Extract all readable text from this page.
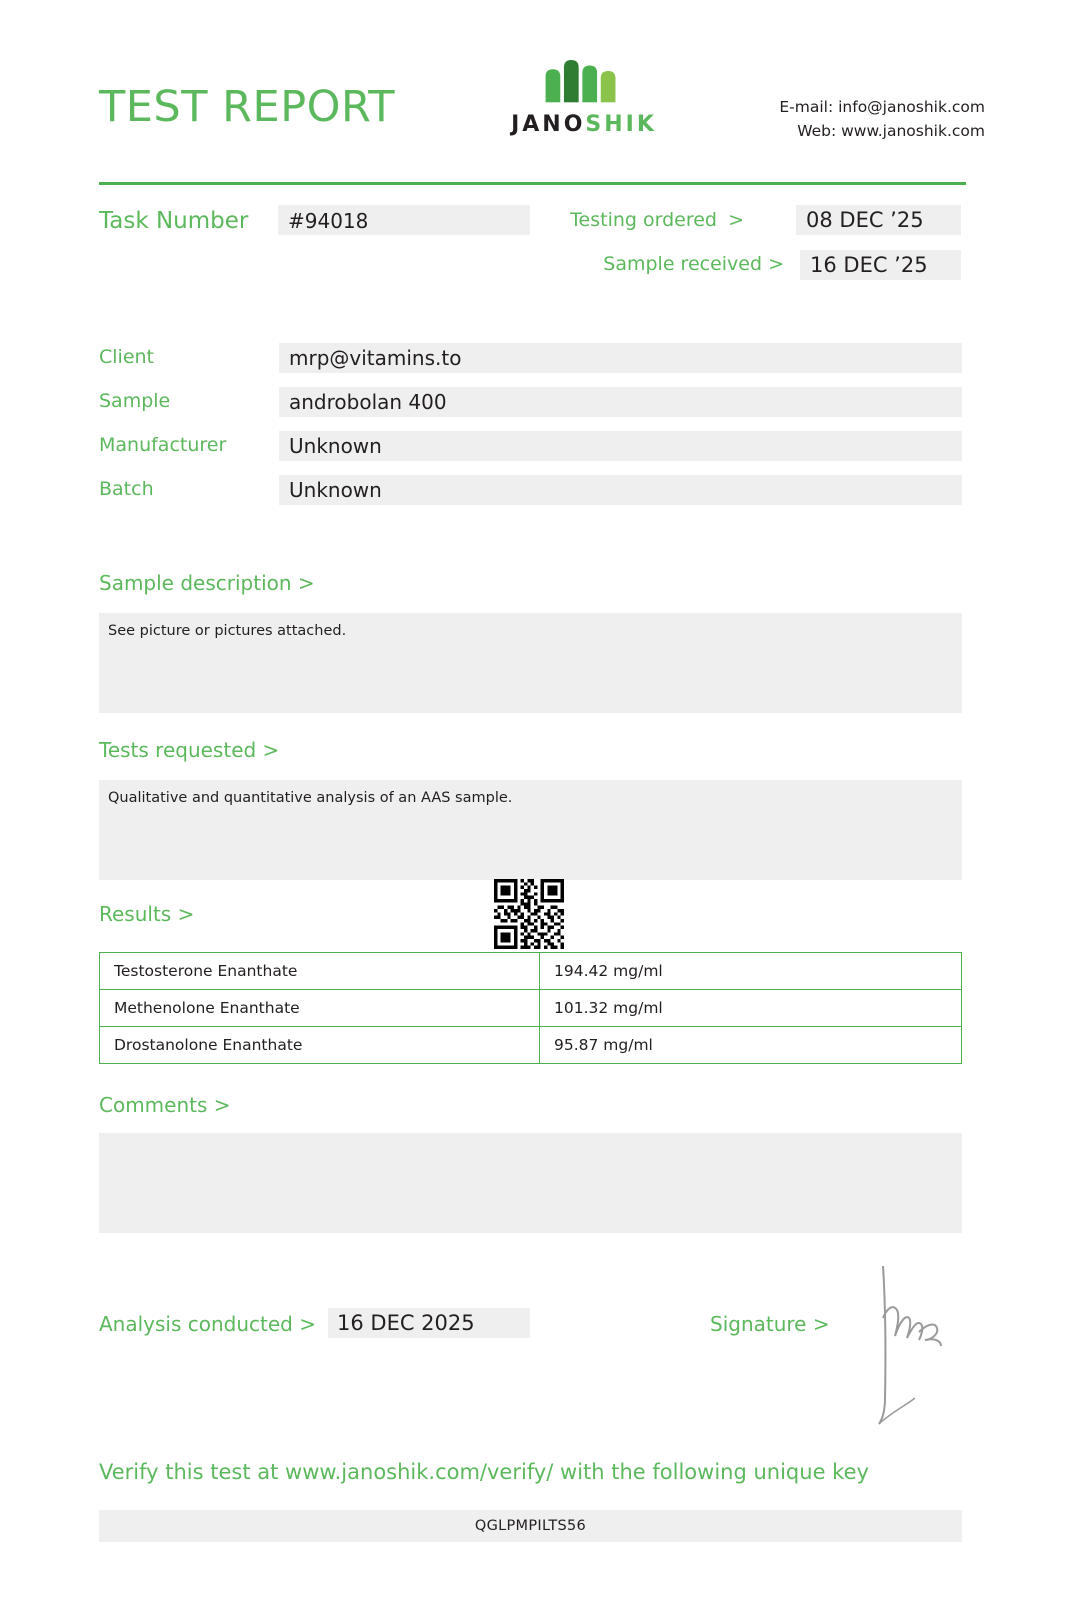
TEST REPORT	JANOSHIK
E-mail: info@janoshik.com
Web: www.janoshik.com
Task Number	#94018	Testing ordered >	08 DEC ’25
Sample received >	16 DEC ’25
Client	mrp@vitamins.to
Sample	androbolan 400
Manufacturer	Unknown
Batch	Unknown
Sample description >
See picture or pictures attached.
Tests requested >
Qualitative and quantitative analysis of an AAS sample.
Results >
Testosterone Enanthate	194.42 mg/ml
Methenolone Enanthate	101.32 mg/ml
Drostanolone Enanthate	95.87 mg/ml
Comments >
Analysis conducted >	16 DEC 2025	Signature >
Verify this test at www.janoshik.com/verify/ with the following unique key
QGLPMPILTS56
